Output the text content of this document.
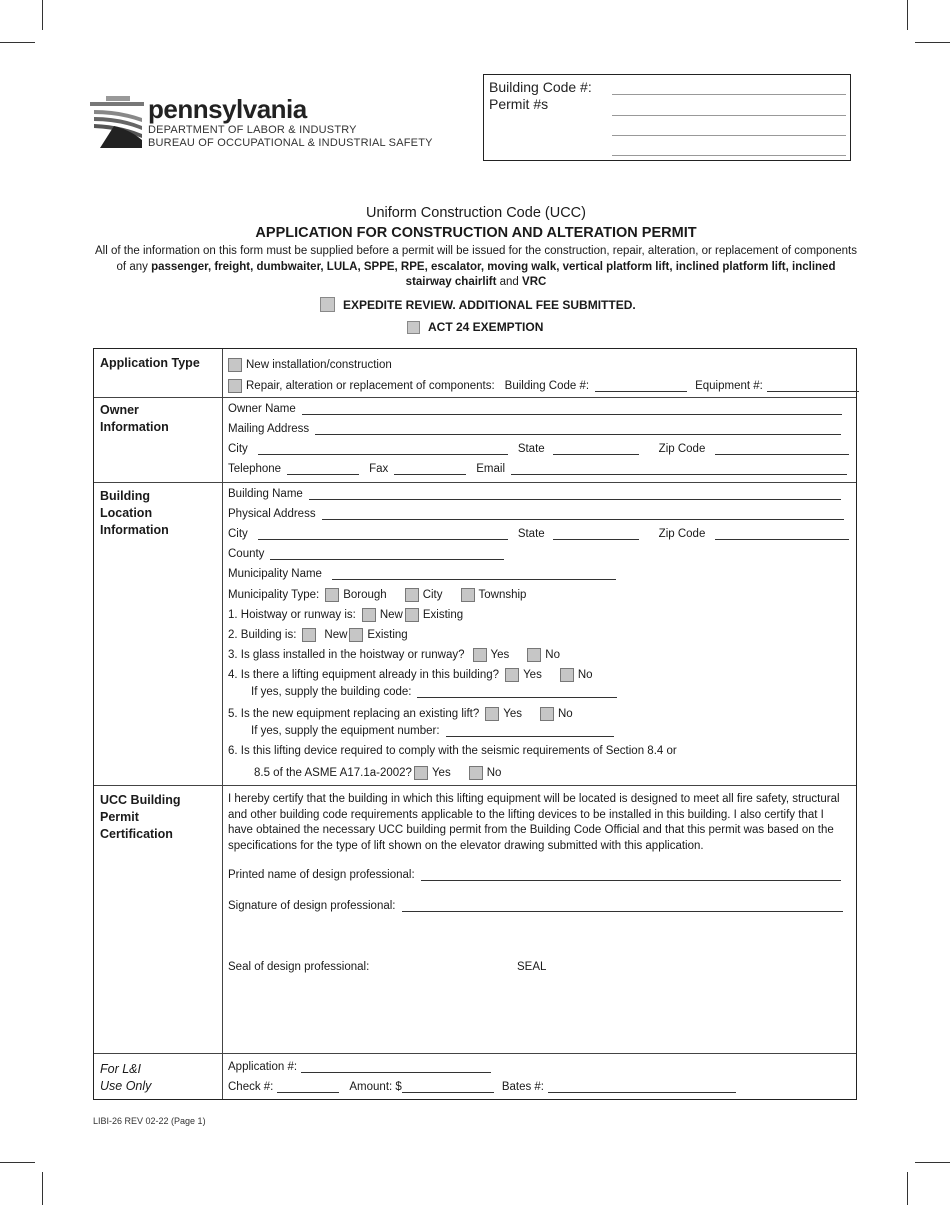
pennsylvania
DEPARTMENT OF LABOR & INDUSTRY
BUREAU OF OCCUPATIONAL & INDUSTRIAL SAFETY
Building Code #:
Permit #s
Uniform Construction Code (UCC)
APPLICATION FOR CONSTRUCTION AND ALTERATION PERMIT
All of the information on this form must be supplied before a permit will be issued for the construction, repair, alteration, or replacement of components of any passenger, freight, dumbwaiter, LULA, SPPE, RPE, escalator, moving walk, vertical platform lift, inclined platform lift, inclined stairway chairlift and VRC
EXPEDITE REVIEW. ADDITIONAL FEE SUBMITTED.
ACT 24 EXEMPTION
Application Type	New installation/construction
Repair, alteration or replacement of components: Building Code #:	Equipment #:
Owner
Information
Owner Name
Mailing Address
City	State	Zip Code
Telephone	Fax	Email
Building
Location
Information
Building Name
Physical Address
City	State	Zip Code
County
Municipality Name
Municipality Type: Borough	City	Township
1. Hoistway or runway is: New Existing
2. Building is: New Existing
3. Is glass installed in the hoistway or runway? Yes	No
4. Is there a lifting equipment already in this building? Yes	No
If yes, supply the building code:
5. Is the new equipment replacing an existing lift? Yes	No
If yes, supply the equipment number:
6. Is this lifting device required to comply with the seismic requirements of Section 8.4 or
8.5 of the ASME A17.1a-2002? Yes	No
UCC Building
Permit
Certification
I hereby certify that the building in which this lifting equipment will be located is designed to meet all fire safety, structural and other building code requirements applicable to the lifting devices to be installed in this building. I also certify that I have obtained the necessary UCC building permit from the Building Code Official and that this permit was based on the specifications for the type of lift shown on the elevator drawing submitted with this application.
Printed name of design professional:
Signature of design professional:
Seal of design professional:	SEAL
For L&I
Use Only
Application #:
Check #:	Amount: $	Bates #:
LIBI-26 REV 02-22 (Page 1)
